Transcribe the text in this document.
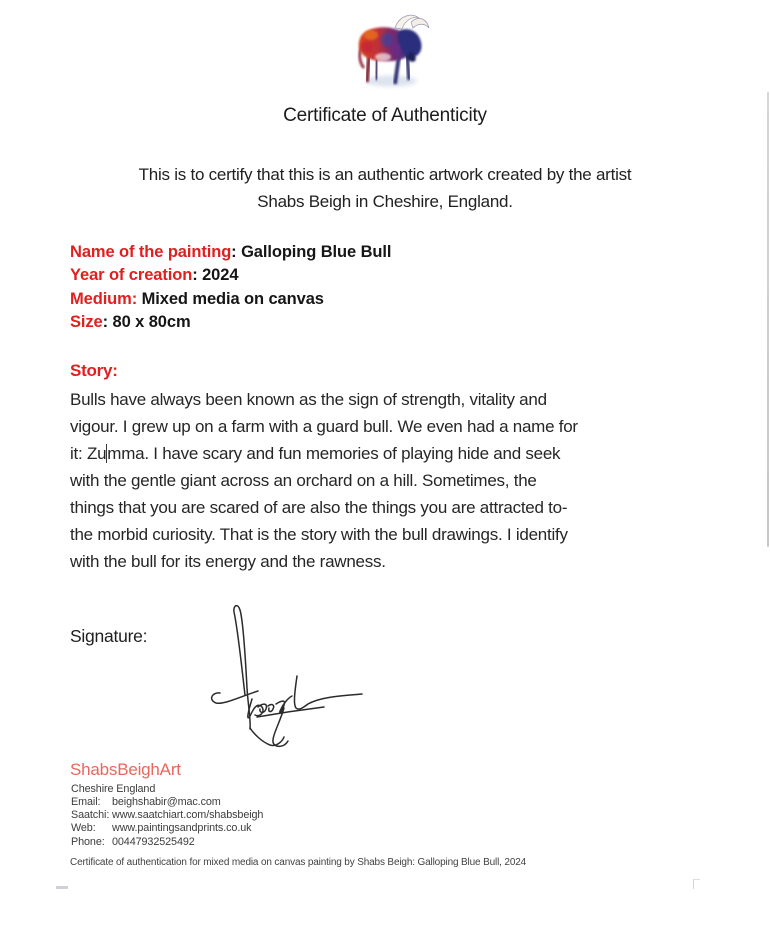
Certificate of Authenticity
This is to certify that this is an authentic artwork created by the artist
Shabs Beigh in Cheshire, England.
Name of the painting: Galloping Blue Bull
Year of creation: 2024
Medium: Mixed media on canvas
Size: 80 x 80cm
Story:
Bulls have always been known as the sign of strength, vitality and
vigour. I grew up on a farm with a guard bull. We even had a name for
it: Zumma. I have scary and fun memories of playing hide and seek
with the gentle giant across an orchard on a hill. Sometimes, the
things that you are scared of are also the things you are attracted to-
the morbid curiosity. That is the story with the bull drawings. I identify
with the bull for its energy and the rawness.
Signature:
ShabsBeighArt
Cheshire England
Email: beighshabir@mac.com
Saatchi: www.saatchiart.com/shabsbeigh
Web: www.paintingsandprints.co.uk
Phone: 00447932525492
Certificate of authentication for mixed media on canvas painting by Shabs Beigh: Galloping Blue Bull, 2024
